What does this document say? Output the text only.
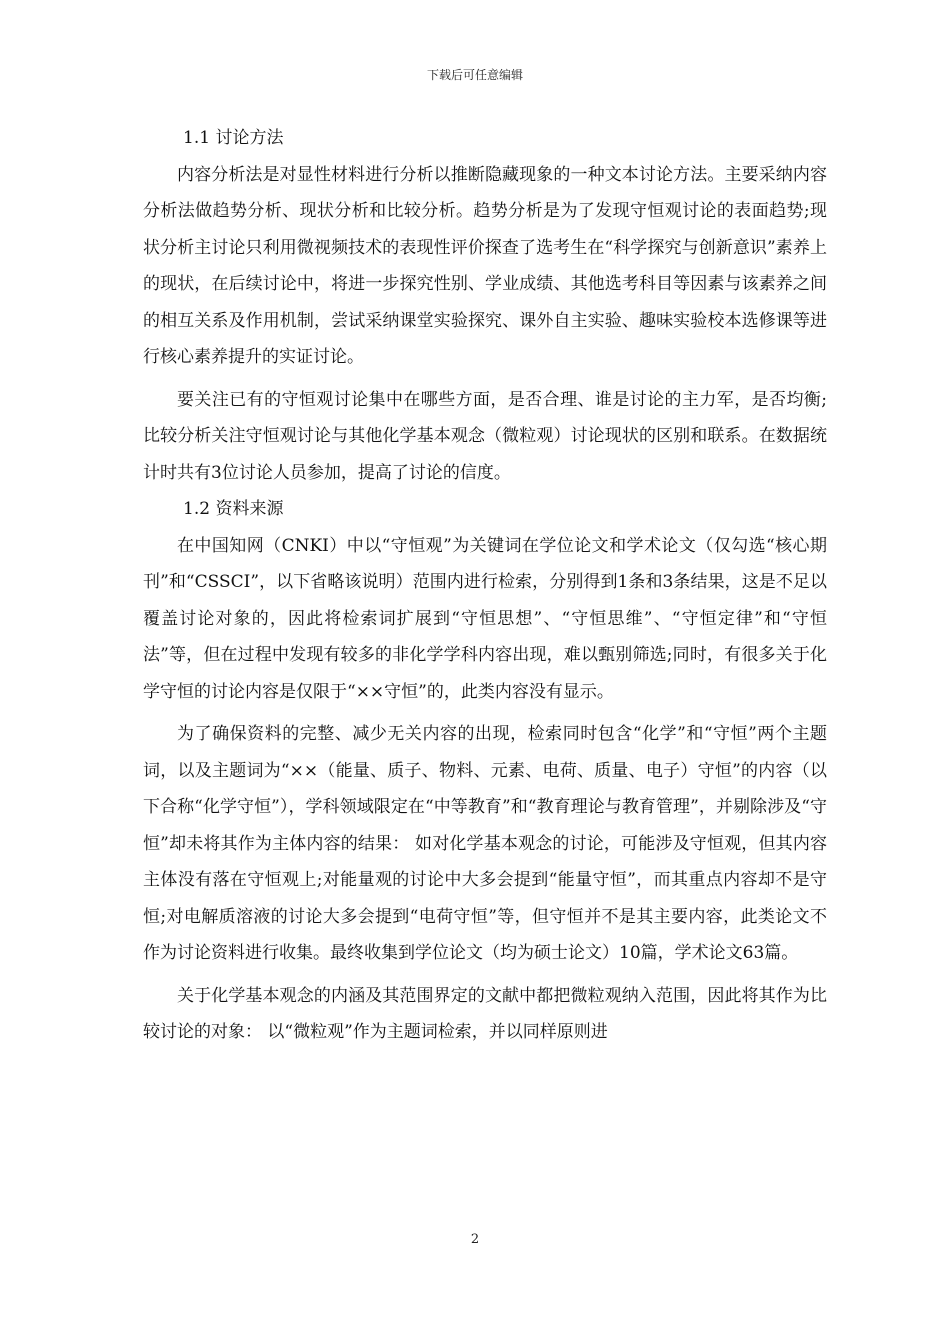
下载后可任意编辑

1.1 讨论方法

内容分析法是对显性材料进行分析以推断隐藏现象的一种文本讨论方法。主要采纳内容分析法做趋势分析、现状分析和比较分析。趋势分析是为了发现守恒观讨论的表面趋势;现状分析主讨论只利用微视频技术的表现性评价探查了选考生在“科学探究与创新意识”素养上的现状，在后续讨论中，将进一步探究性别、学业成绩、其他选考科目等因素与该素养之间的相互关系及作用机制，尝试采纳课堂实验探究、课外自主实验、趣味实验校本选修课等进行核心素养提升的实证讨论。

要关注已有的守恒观讨论集中在哪些方面，是否合理、谁是讨论的主力军，是否均衡;比较分析关注守恒观讨论与其他化学基本观念（微粒观）讨论现状的区别和联系。在数据统计时共有3位讨论人员参加，提高了讨论的信度。

1.2 资料来源

在中国知网（CNKI）中以“守恒观”为关键词在学位论文和学术论文（仅勾选“核心期刊”和“CSSCI”，以下省略该说明）范围内进行检索，分别得到1条和3条结果，这是不足以覆盖讨论对象的，因此将检索词扩展到“守恒思想”、“守恒思维”、“守恒定律”和“守恒法”等，但在过程中发现有较多的非化学学科内容出现，难以甄别筛选;同时，有很多关于化学守恒的讨论内容是仅限于“××守恒”的，此类内容没有显示。

为了确保资料的完整、减少无关内容的出现，检索同时包含“化学”和“守恒”两个主题词，以及主题词为“××（能量、质子、物料、元素、电荷、质量、电子）守恒”的内容（以下合称“化学守恒”），学科领域限定在“中等教育”和“教育理论与教育管理”，并剔除涉及“守恒”却未将其作为主体内容的结果： 如对化学基本观念的讨论，可能涉及守恒观，但其内容主体没有落在守恒观上;对能量观的讨论中大多会提到“能量守恒”，而其重点内容却不是守恒;对电解质溶液的讨论大多会提到“电荷守恒”等，但守恒并不是其主要内容，此类论文不作为讨论资料进行收集。最终收集到学位论文（均为硕士论文）10篇，学术论文63篇。

关于化学基本观念的内涵及其范围界定的文献中都把微粒观纳入范围，因此将其作为比较讨论的对象： 以“微粒观”作为主题词检索，并以同样原则进

2
